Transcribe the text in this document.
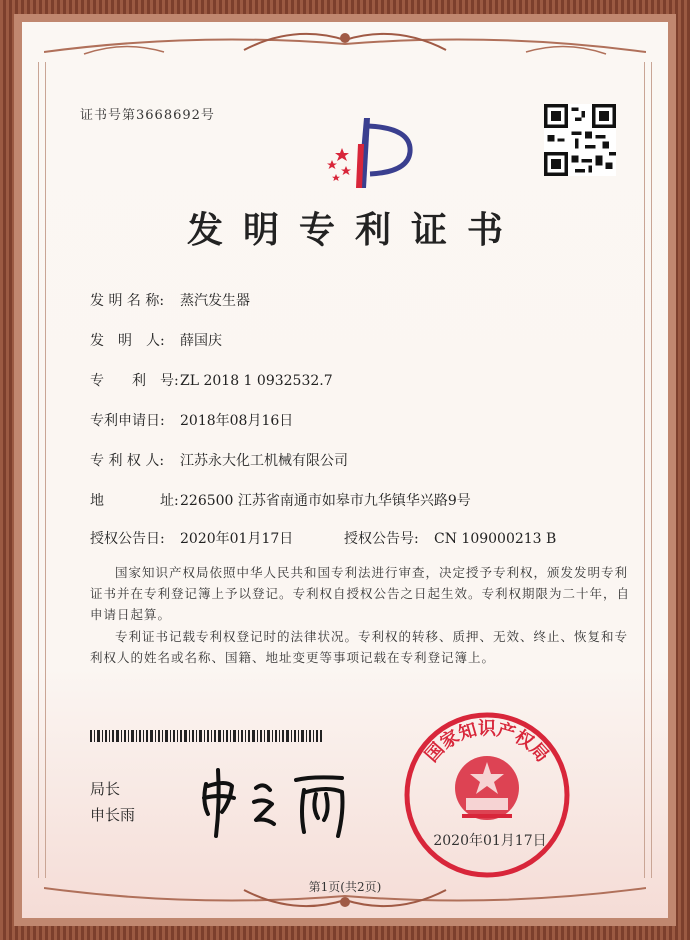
证书号第3668692号
发明专利证书
发 明 名 称: 蒸汽发生器
发　明　人: 薛国庆
专　　利　号:ZL 2018 1 0932532.7
专利申请日: 2018年08月16日
专 利 权 人: 江苏永大化工机械有限公司
地　　　　址:226500 江苏省南通市如皋市九华镇华兴路9号
授权公告日: 2020年01月17日	授权公告号: CN 109000213 B
国家知识产权局依照中华人民共和国专利法进行审查，决定授予专利权，颁发发明专利证书并在专利登记簿上予以登记。专利权自授权公告之日起生效。专利权期限为二十年，自申请日起算。
专利证书记载专利权登记时的法律状况。专利权的转移、质押、无效、终止、恢复和专利权人的姓名或名称、国籍、地址变更等事项记载在专利登记簿上。
局长
申长雨
国家知识产权局
2020年01月17日
第1页(共2页)
